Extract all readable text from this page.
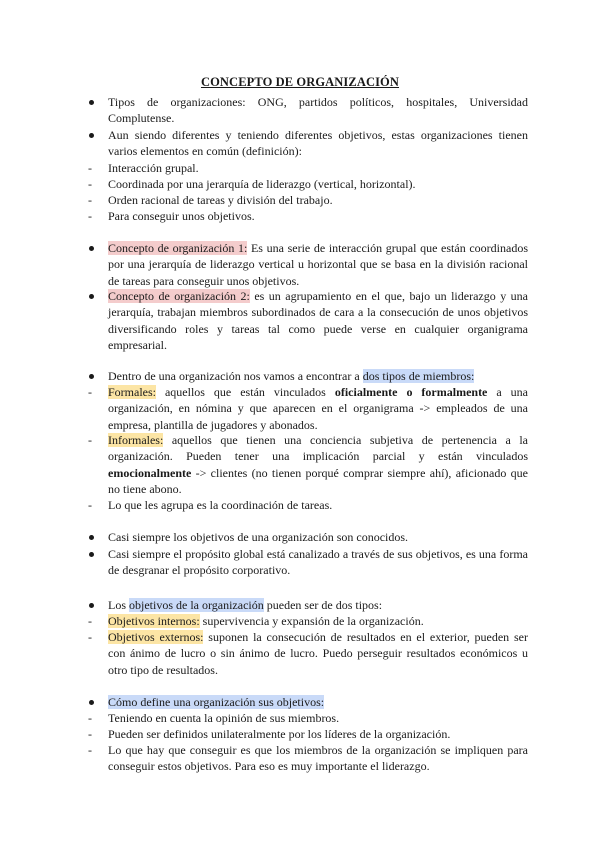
CONCEPTO DE ORGANIZACIÓN
Tipos de organizaciones: ONG, partidos políticos, hospitales, Universidad Complutense.
Aun siendo diferentes y teniendo diferentes objetivos, estas organizaciones tienen varios elementos en común (definición):
-	Interacción grupal.
-	Coordinada por una jerarquía de liderazgo (vertical, horizontal).
-	Orden racional de tareas y división del trabajo.
-	Para conseguir unos objetivos.
Concepto de organización 1: Es una serie de interacción grupal que están coordinados por una jerarquía de liderazgo vertical u horizontal que se basa en la división racional de tareas para conseguir unos objetivos.
Concepto de organización 2: es un agrupamiento en el que, bajo un liderazgo y una jerarquía, trabajan miembros subordinados de cara a la consecución de unos objetivos diversificando roles y tareas tal como puede verse en cualquier organigrama empresarial.
Dentro de una organización nos vamos a encontrar a dos tipos de miembros:
-	Formales: aquellos que están vinculados oficialmente o formalmente a una organización, en nómina y que aparecen en el organigrama -> empleados de una empresa, plantilla de jugadores y abonados.
-	Informales: aquellos que tienen una conciencia subjetiva de pertenencia a la organización. Pueden tener una implicación parcial y están vinculados emocionalmente -> clientes (no tienen porqué comprar siempre ahí), aficionado que no tiene abono.
-	Lo que les agrupa es la coordinación de tareas.
Casi siempre los objetivos de una organización son conocidos.
Casi siempre el propósito global está canalizado a través de sus objetivos, es una forma de desgranar el propósito corporativo.
Los objetivos de la organización pueden ser de dos tipos:
-	Objetivos internos: supervivencia y expansión de la organización.
-	Objetivos externos: suponen la consecución de resultados en el exterior, pueden ser con ánimo de lucro o sin ánimo de lucro. Puedo perseguir resultados económicos u otro tipo de resultados.
Cómo define una organización sus objetivos:
-	Teniendo en cuenta la opinión de sus miembros.
-	Pueden ser definidos unilateralmente por los líderes de la organización.
-	Lo que hay que conseguir es que los miembros de la organización se impliquen para conseguir estos objetivos. Para eso es muy importante el liderazgo.
